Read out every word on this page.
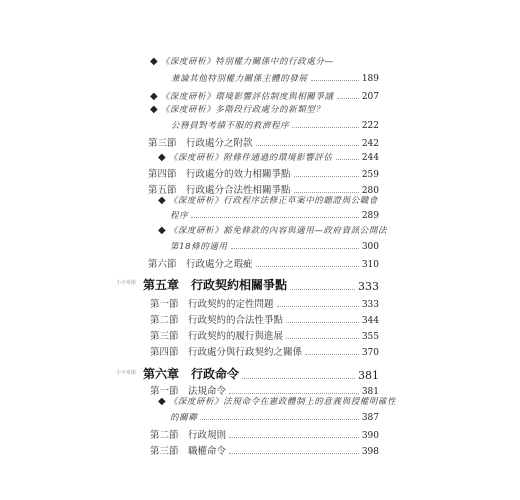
◆ 《深度研析》特別權力關係中的行政處分—
兼論其他特別權力關係主體的發展	189
◆ 《深度研析》環境影響評估制度與相關爭議	207
◆ 《深度研析》多階段行政處分的新類型？
公務員對考績不服的救濟程序	222
第三節　行政處分之附款	242
◆ 《深度研析》附條件通過的環境影響評估	244
第四節　行政處分的效力相關爭點	259
第五節　行政處分合法性相關爭點	280
◆ 《深度研析》行政程序法修正草案中的聽證與公職會
程序	289
◆ 《深度研析》豁免條款的內容與適用—政府資訊公開法
第18條的適用	300
第六節　行政處分之瑕疵	310
小字章節 第五章　行政契約相關爭點	333
第一節　行政契約的定性問題	333
第二節　行政契約的合法性爭點	344
第三節　行政契約的履行與進展	355
第四節　行政處分與行政契約之關係	370
小字章節 第六章　行政命令	381
第一節　法規命令	381
◆ 《深度研析》法規命令在憲政體制上的意義與授權明確性
的關聯	387
第二節　行政規則	390
第三節　職權命令	398
